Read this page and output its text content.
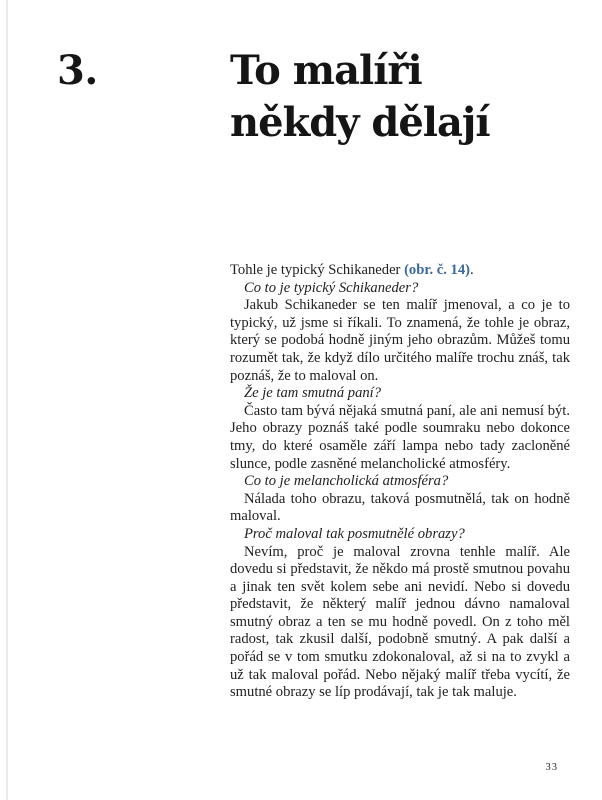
3.	To malíři
někdy dělají

Tohle je typický Schikaneder (obr. č. 14).

Co to je typický Schikaneder?

Jakub Schikaneder se ten malíř jmenoval, a co je to typický, už jsme si říkali. To znamená, že tohle je obraz, který se podobá hodně jiným jeho obrazům. Můžeš tomu rozumět tak, že když dílo určitého malíře trochu znáš, tak poznáš, že to maloval on.

Že je tam smutná paní?

Často tam bývá nějaká smutná paní, ale ani nemusí být. Jeho obrazy poznáš také podle soumraku nebo dokonce tmy, do které osaměle září lampa nebo tady zacloněné slunce, podle zasněné melancholické atmosféry.

Co to je melancholická atmosféra?

Nálada toho obrazu, taková posmutnělá, tak on hodně maloval.

Proč maloval tak posmutnělé obrazy?

Nevím, proč je maloval zrovna tenhle malíř. Ale dovedu si představit, že někdo má prostě smutnou povahu a jinak ten svět kolem sebe ani nevidí. Nebo si dovedu představit, že některý malíř jednou dávno namaloval smutný obraz a ten se mu hodně povedl. On z toho měl radost, tak zkusil další, podobně smutný. A pak další a pořád se v tom smutku zdokonaloval, až si na to zvykl a už tak maloval pořád. Nebo nějaký malíř třeba vycítí, že smutné obrazy se líp prodávají, tak je tak maluje.

33
